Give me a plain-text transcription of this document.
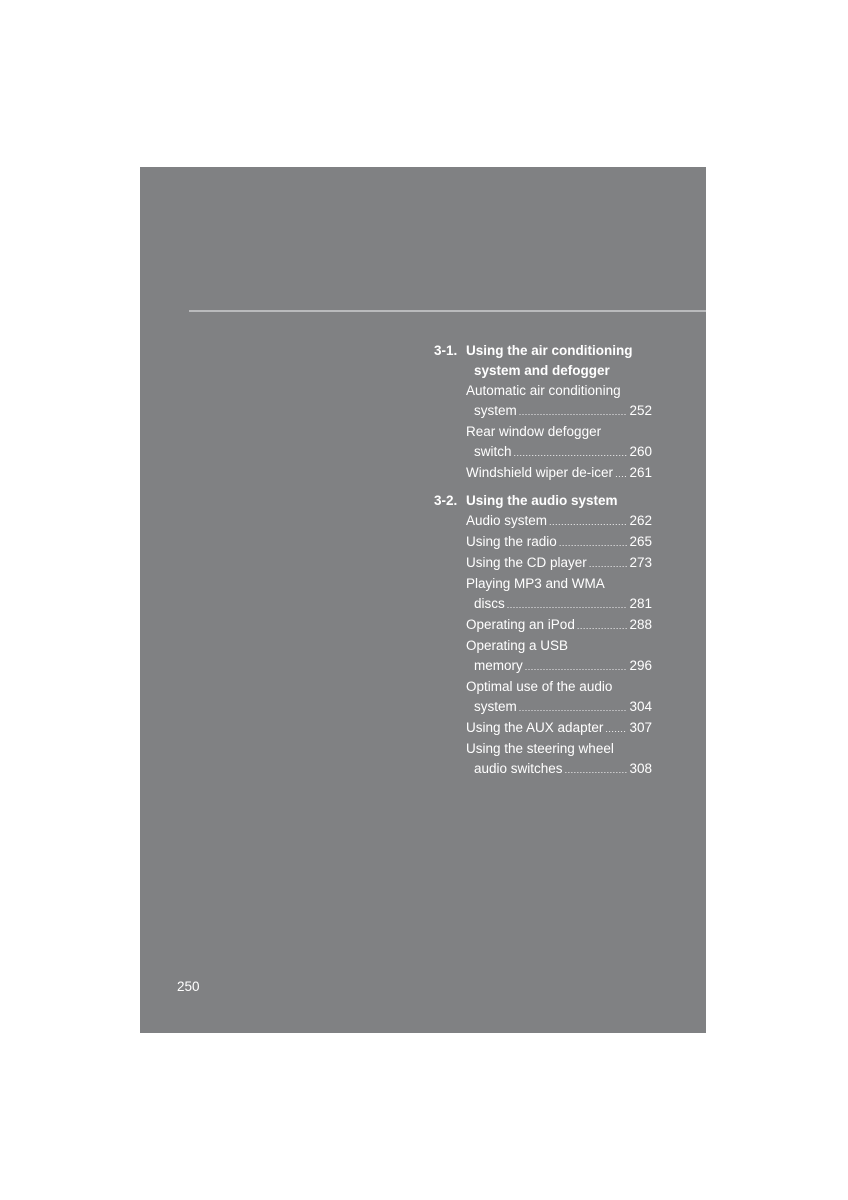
3-1. Using the air conditioning
system and defogger
Automatic air conditioning
system .....	252
Rear window defogger
switch .....	260
Windshield wiper de-icer ..... 261
3-2. Using the audio system
Audio system .....	262
Using the radio .....	265
Using the CD player .....	273
Playing MP3 and WMA
discs .....	281
Operating an iPod .....	288
Operating a USB
memory .....	296
Optimal use of the audio
system .....	304
Using the AUX adapter ..... 307
Using the steering wheel
audio switches .....	308
250
